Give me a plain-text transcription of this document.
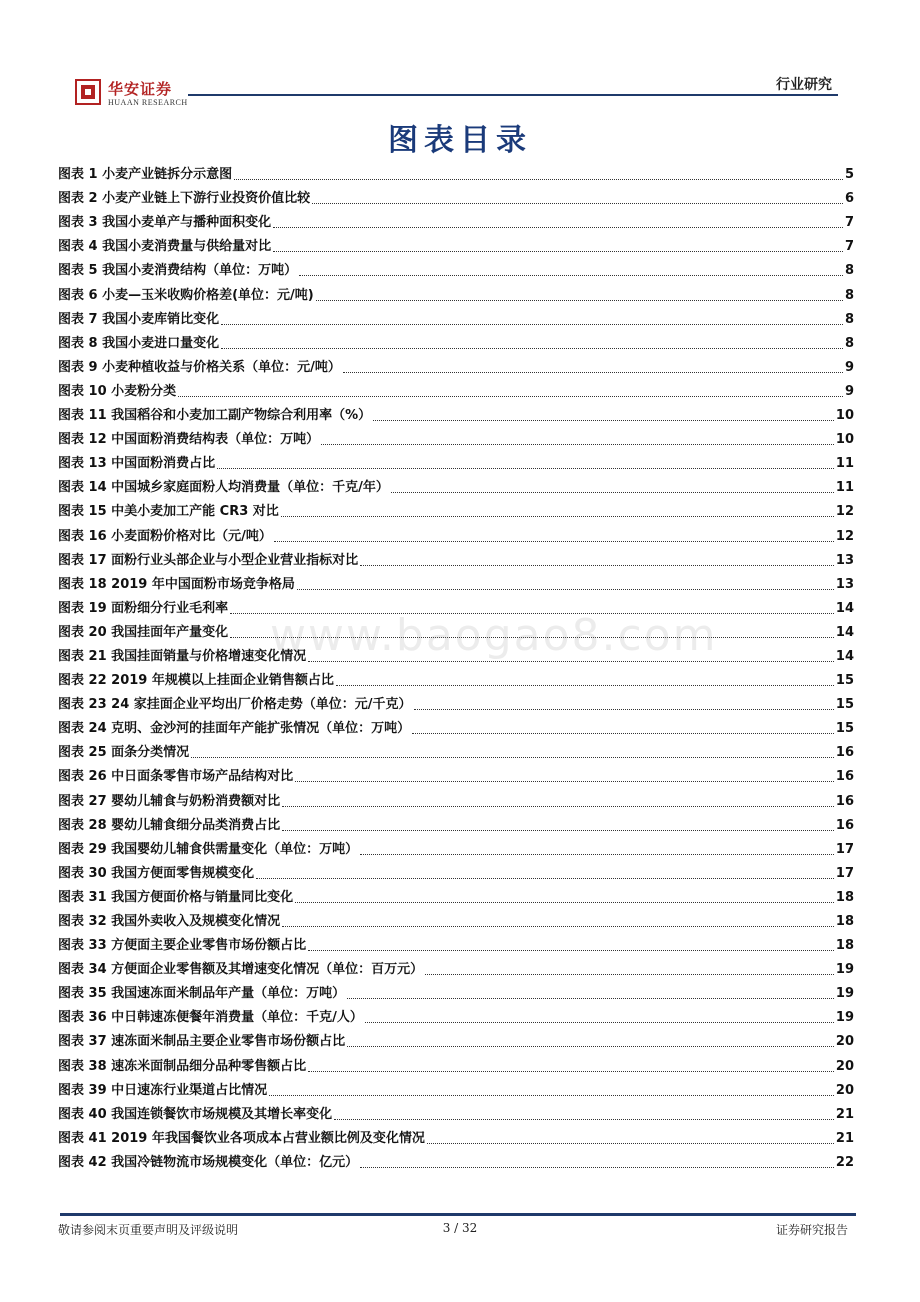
华安证券
HUAAN RESEARCH
行业研究
图表目录
图表 1 小麦产业链拆分示意图	5
图表 2 小麦产业链上下游行业投资价值比较	6
图表 3 我国小麦单产与播种面积变化	7
图表 4 我国小麦消费量与供给量对比	7
图表 5 我国小麦消费结构（单位：万吨）	8
图表 6 小麦—玉米收购价格差(单位：元/吨)	8
图表 7 我国小麦库销比变化	8
图表 8 我国小麦进口量变化	8
图表 9 小麦种植收益与价格关系（单位：元/吨）	9
图表 10 小麦粉分类	9
图表 11 我国稻谷和小麦加工副产物综合利用率（%）	10
图表 12 中国面粉消费结构表（单位：万吨）	10
图表 13 中国面粉消费占比	11
图表 14 中国城乡家庭面粉人均消费量（单位：千克/年）	11
图表 15 中美小麦加工产能 CR3 对比	12
图表 16 小麦面粉价格对比（元/吨）	12
图表 17 面粉行业头部企业与小型企业营业指标对比	13
图表 18 2019 年中国面粉市场竞争格局	13
图表 19 面粉细分行业毛利率	14
图表 20 我国挂面年产量变化	14
图表 21 我国挂面销量与价格增速变化情况	14
图表 22 2019 年规模以上挂面企业销售额占比	15
图表 23 24 家挂面企业平均出厂价格走势（单位：元/千克）	15
图表 24 克明、金沙河的挂面年产能扩张情况（单位：万吨）	15
图表 25 面条分类情况	16
图表 26 中日面条零售市场产品结构对比	16
图表 27 婴幼儿辅食与奶粉消费额对比	16
图表 28 婴幼儿辅食细分品类消费占比	16
图表 29 我国婴幼儿辅食供需量变化（单位：万吨）	17
图表 30 我国方便面零售规模变化	17
图表 31 我国方便面价格与销量同比变化	18
图表 32 我国外卖收入及规模变化情况	18
图表 33 方便面主要企业零售市场份额占比	18
图表 34 方便面企业零售额及其增速变化情况（单位：百万元）	19
图表 35 我国速冻面米制品年产量（单位：万吨）	19
图表 36 中日韩速冻便餐年消费量（单位：千克/人）	19
图表 37 速冻面米制品主要企业零售市场份额占比	20
图表 38 速冻米面制品细分品种零售额占比	20
图表 39 中日速冻行业渠道占比情况	20
图表 40 我国连锁餐饮市场规模及其增长率变化	21
图表 41 2019 年我国餐饮业各项成本占营业额比例及变化情况	21
图表 42 我国冷链物流市场规模变化（单位：亿元）	22
www.baogao8.com
敬请参阅末页重要声明及评级说明	3 / 32	证券研究报告
